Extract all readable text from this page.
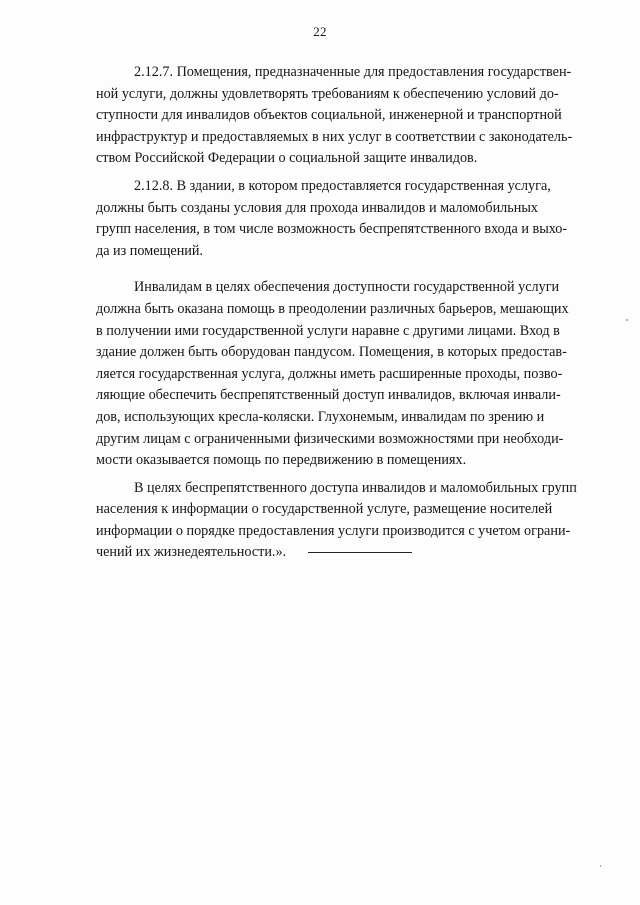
22

2.12.7. Помещения, предназначенные для предоставления государствен-
ной услуги, должны удовлетворять требованиям к обеспечению условий до-
ступности для инвалидов объектов социальной, инженерной и транспортной
инфраструктур и предоставляемых в них услуг в соответствии с законодатель-
ством Российской Федерации о социальной защите инвалидов.

2.12.8. В здании, в котором предоставляется государственная услуга,
должны быть созданы условия для прохода инвалидов и маломобильных
групп населения, в том числе возможность беспрепятственного входа и выхо-
да из помещений.

Инвалидам в целях обеспечения доступности государственной услуги
должна быть оказана помощь в преодолении различных барьеров, мешающих
в получении ими государственной услуги наравне с другими лицами. Вход в
здание должен быть оборудован пандусом. Помещения, в которых предостав-
ляется государственная услуга, должны иметь расширенные проходы, позво-
ляющие обеспечить беспрепятственный доступ инвалидов, включая инвали-
дов, использующих кресла-коляски. Глухонемым, инвалидам по зрению и
другим лицам с ограниченными физическими возможностями при необходи-
мости оказывается помощь по передвижению в помещениях.

В целях беспрепятственного доступа инвалидов и маломобильных групп
населения к информации о государственной услуге, размещение носителей
информации о порядке предоставления услуги производится с учетом ограни-
чений их жизнедеятельности.».
